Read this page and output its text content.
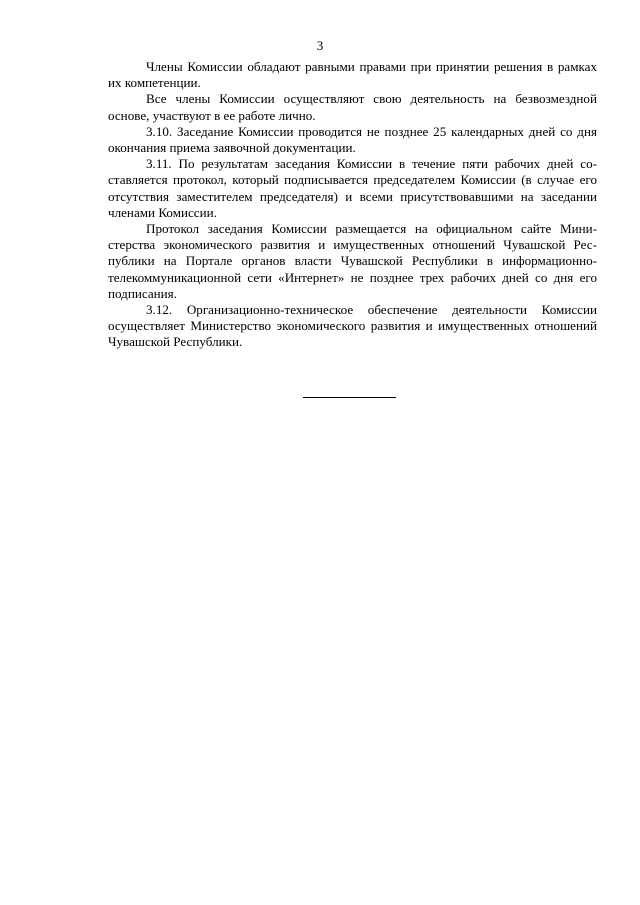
3

Члены Комиссии обладают равными правами при принятии решения в рамках их компетенции.

Все члены Комиссии осуществляют свою деятельность на безвозмездной основе, участвуют в ее работе лично.

3.10. Заседание Комиссии проводится не позднее 25 календарных дней со дня окончания приема заявочной документации.

3.11. По результатам заседания Комиссии в течение пяти рабочих дней составляется протокол, который подписывается председателем Комиссии (в случае его отсутствия заместителем председателя) и всеми присутствовавшими на заседании членами Комиссии.

Протокол заседания Комиссии размещается на официальном сайте Министерства экономического развития и имущественных отношений Чувашской Республики на Портале органов власти Чувашской Республики в информационно-телекоммуникационной сети «Интернет» не позднее трех рабочих дней со дня его подписания.

3.12. Организационно-техническое обеспечение деятельности Комиссии осуществляет Министерство экономического развития и имущественных отношений Чувашской Республики.
